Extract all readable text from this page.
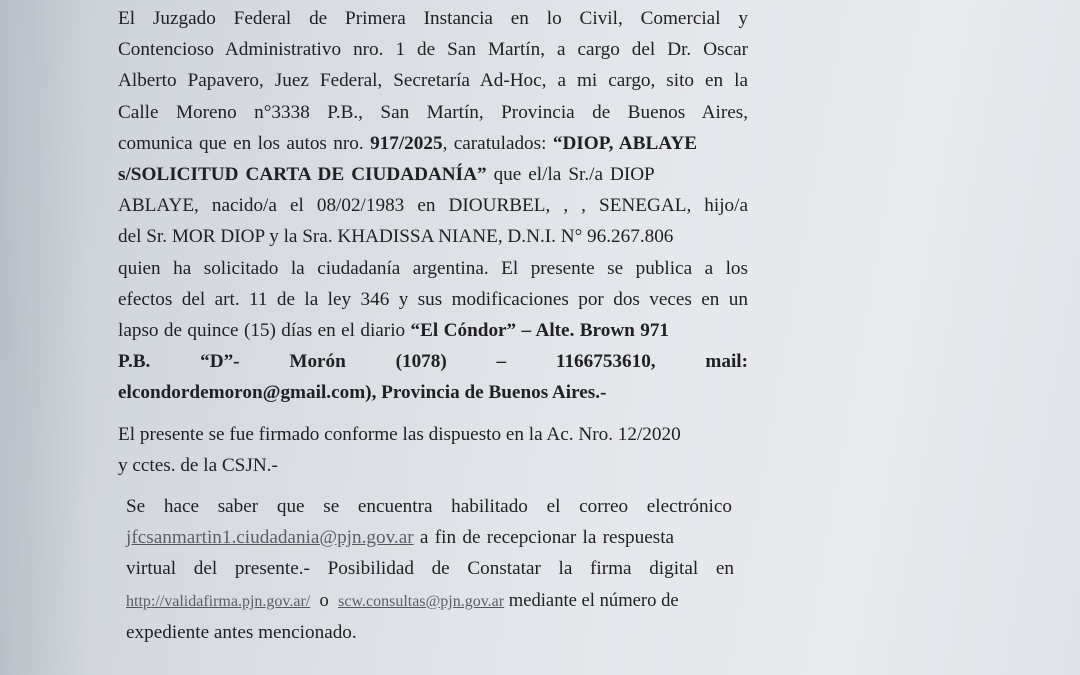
El Juzgado Federal de Primera Instancia en lo Civil, Comercial y
Contencioso Administrativo nro. 1 de San Martín, a cargo del Dr. Oscar
Alberto Papavero, Juez Federal, Secretaría Ad-Hoc, a mi cargo, sito en la
Calle Moreno n°3338 P.B., San Martín, Provincia de Buenos Aires,
comunica que en los autos nro. 917/2025, caratulados: “DIOP, ABLAYE
s/SOLICITUD CARTA DE CIUDADANÍA” que el/la Sr./a DIOP
ABLAYE, nacido/a el 08/02/1983 en DIOURBEL, , , SENEGAL, hijo/a
del Sr. MOR DIOP y la Sra. KHADISSA NIANE, D.N.I. N° 96.267.806
quien ha solicitado la ciudadanía argentina. El presente se publica a los
efectos del art. 11 de la ley 346 y sus modificaciones por dos veces en un
lapso de quince (15) días en el diario “El Cóndor” – Alte. Brown 971
P.B. “D”- Morón (1078) – 1166753610, mail:
elcondordemoron@gmail.com), Provincia de Buenos Aires.-
El presente se fue firmado conforme las dispuesto en la Ac. Nro. 12/2020
y cctes. de la CSJN.-
Se hace saber que se encuentra habilitado el correo electrónico
jfcsanmartin1.ciudadania@pjn.gov.ar a fin de recepcionar la respuesta
virtual del presente.- Posibilidad de Constatar la firma digital en
http://validafirma.pjn.gov.ar/  o  scw.consultas@pjn.gov.ar mediante el número de
expediente antes mencionado.
